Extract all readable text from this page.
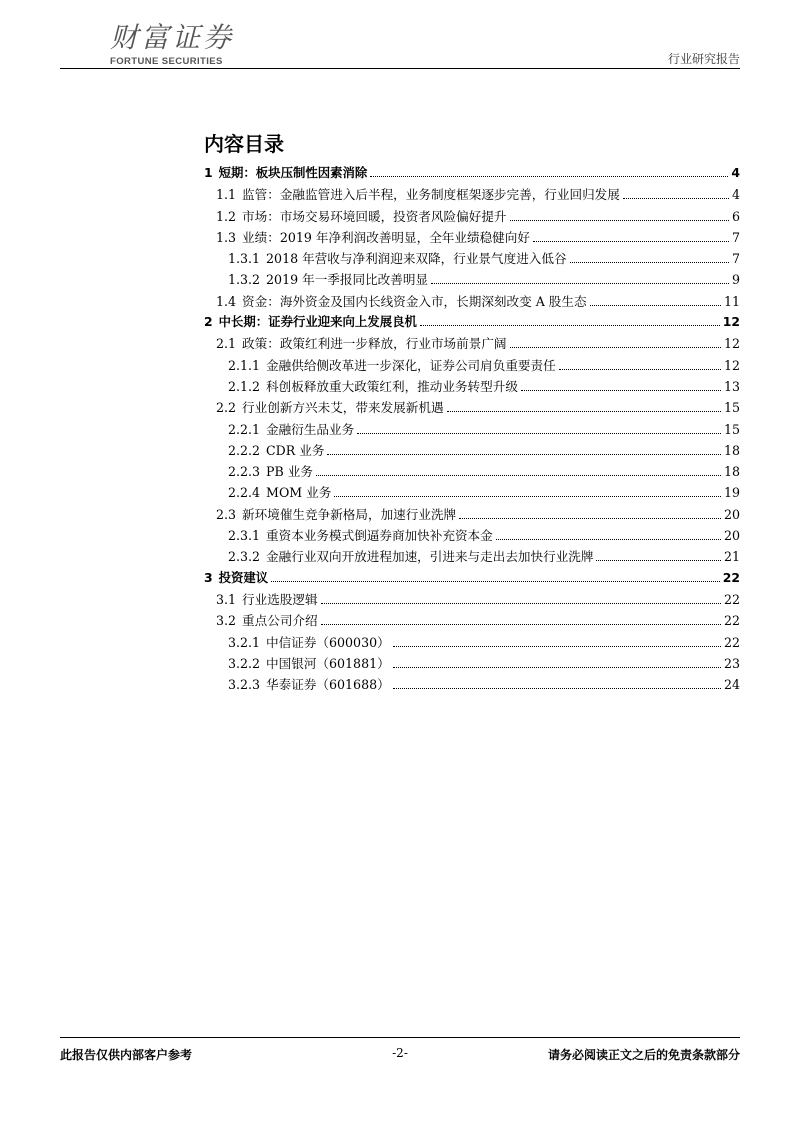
财富证券
FORTUNE SECURITIES	行业研究报告
内容目录
1 短期：板块压制性因素消除	4
1.1 监管：金融监管进入后半程，业务制度框架逐步完善，行业回归发展	4
1.2 市场：市场交易环境回暖，投资者风险偏好提升	6
1.3 业绩：2019 年净利润改善明显，全年业绩稳健向好	7
1.3.1 2018 年营收与净利润迎来双降，行业景气度进入低谷	7
1.3.2 2019 年一季报同比改善明显	9
1.4 资金：海外资金及国内长线资金入市，长期深刻改变 A 股生态	11
2 中长期：证券行业迎来向上发展良机	12
2.1 政策：政策红利进一步释放，行业市场前景广阔	12
2.1.1 金融供给侧改革进一步深化，证券公司肩负重要责任	12
2.1.2 科创板释放重大政策红利，推动业务转型升级	13
2.2 行业创新方兴未艾，带来发展新机遇	15
2.2.1 金融衍生品业务	15
2.2.2 CDR 业务	18
2.2.3 PB 业务	18
2.2.4 MOM 业务	19
2.3 新环境催生竞争新格局，加速行业洗牌	20
2.3.1 重资本业务模式倒逼券商加快补充资本金	20
2.3.2 金融行业双向开放进程加速，引进来与走出去加快行业洗牌	21
3 投资建议	22
3.1 行业选股逻辑	22
3.2 重点公司介绍	22
3.2.1 中信证券（600030）	22
3.2.2 中国银河（601881）	23
3.2.3 华泰证券（601688）	24
此报告仅供内部客户参考	-2-	请务必阅读正文之后的免责条款部分
